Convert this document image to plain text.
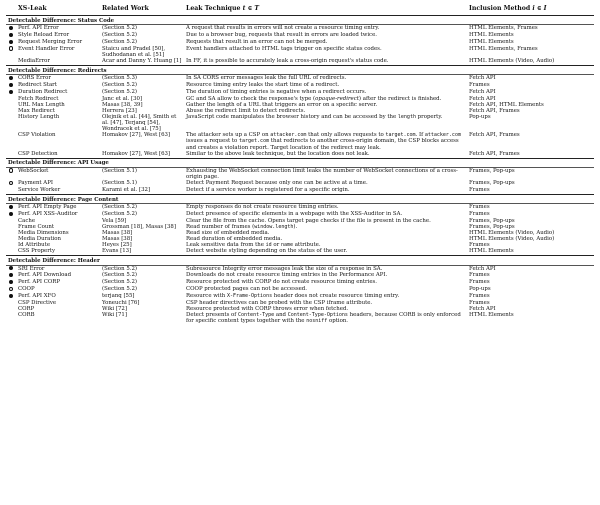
	XS-Leak	Related Work	Leak Technique t ∈ T	Inclusion Method i ∈ I
Detectable Difference: Status Code				
	Perf. API Error	(Section 5.2)	A request that results in errors will not create a resource timing entry.	HTML Elements, Frames
	Style Reload Error	(Section 5.2)	Due to a browser bug, requests that result in errors are loaded twice.	HTML Elements
	Request Merging Error	(Section 5.2)	Requests that result in an error can not be merged.	HTML Elements
	Event Handler Error	Staicu and Pradel [50], Sudhodanan et al. [51]	Event handlers attached to HTML tags trigger on specific status codes.	HTML Elements, Frames
	MediaError	Acar and Danny Y. Huang [1]	In FF, it is possible to accurately leak a cross-origin request's status code.	HTML Elements (Video, Audio)
Detectable Difference: Redirects				
	CORS Error	(Section 5.3)	In SA CORS error messages leak the full URL of redirects.	Fetch API
	Redirect Start	(Section 5.2)	Resource timing entry leaks the start time of a redirect.	Frames
	Duration Redirect	(Section 5.2)	The duration of timing entries is negative when a redirect occurs.	Fetch API
	Fetch Redirect	Janc et al. [30]	GC and SA allow to check the response's type (opaque-redirect) after the redirect is finished.	Fetch API
	URL Max Length	Masas [38, 39]	Gather the length of a URL that triggers an error on a specific server.	Fetch API, HTML Elements
	Max Redirect	Herrera [23]	Abuse the redirect limit to detect redirects.	Fetch API, Frames
	History Length	Olejnik et al. [44], Smith et al. [47], Terjanq [54], Wondracek et al. [75]	JavaScript code manipulates the browser history and can be accessed by the length property.	Pop-ups
	CSP Violation	Homakov [27], West [63]	The attacker sets up a CSP on attacker.com that only allows requests to target.com. If attacker.com issues a request to target.com that redirects to another cross-origin domain, the CSP blocks access and creates a violation report. Target location of the redirect may leak.	Fetch API, Frames
	CSP Detection	Homakov [27], West [63]	Similar to the above leak technique, but the location does not leak.	Fetch API, Frames
Detectable Difference: API Usage				
	WebSocket	(Section 5.1)	Exhausting the WebSocket connection limit leaks the number of WebSocket connections of a cross-origin page.	Frames, Pop-ups
	Payment API	(Section 5.1)	Detect Payment Request because only one can be active at a time.	Frames, Pop-ups
	Service Worker	Karami et al. [32]	Detect if a service worker is registered for a specific origin.	Frames
Detectable Difference: Page Content				
	Perf. API Empty Page	(Section 5.2)	Empty responses do not create resource timing entries.	Frames
	Perf. API XSS-Auditor	(Section 5.2)	Detect presence of specific elements in a webpage with the XSS-Auditor in SA.	Frames
	Cache	Vela [59]	Clear the file from the cache. Opens target page checks if the file is present in the cache.	Frames, Pop-ups
	Frame Count	Grossman [18], Masas [38]	Read number of frames (window.length).	Frames, Pop-ups
	Media Dimensions	Masas [38]	Read size of embedded media.	HTML Elements (Video, Audio)
	Media Duration	Masas [38]	Read duration of embedded media.	HTML Elements (Video, Audio)
	Id Attribute	Heyes [25]	Leak sensitive data from the id or name attribute.	Frames
	CSS Property	Evans [13]	Detect website styling depending on the status of the user.	HTML Elements
Detectable Difference: Header				
	SRI Error	(Section 5.2)	Subresource Integrity error messages leak the size of a response in SA.	Fetch API
	Perf. API Download	(Section 5.2)	Downloads do not create resource timing entries in the Performance API.	Frames
	Perf. API CORP	(Section 5.2)	Resource protected with CORP do not create resource timing entries.	Frames
	COOP	(Section 5.2)	COOP protected pages can not be accessed.	Pop-ups
	Perf. API XFO	terjanq [55]	Resource with X-Frame-Options header does not create resource timing entry.	Frames
	CSP Directive	Yoneuchi [76]	CSP header directives can be probed with the CSP iframe attribute.	Frames
	CORP	Wiki [72]	Resource protected with CORP throws error when fetched.	Fetch API
	CORB	Wiki [71]	Detect presents of Content-Type and Content-Type-Options headers, because CORB is only enforced for specific content types together with the nosniff option.	HTML Elements
